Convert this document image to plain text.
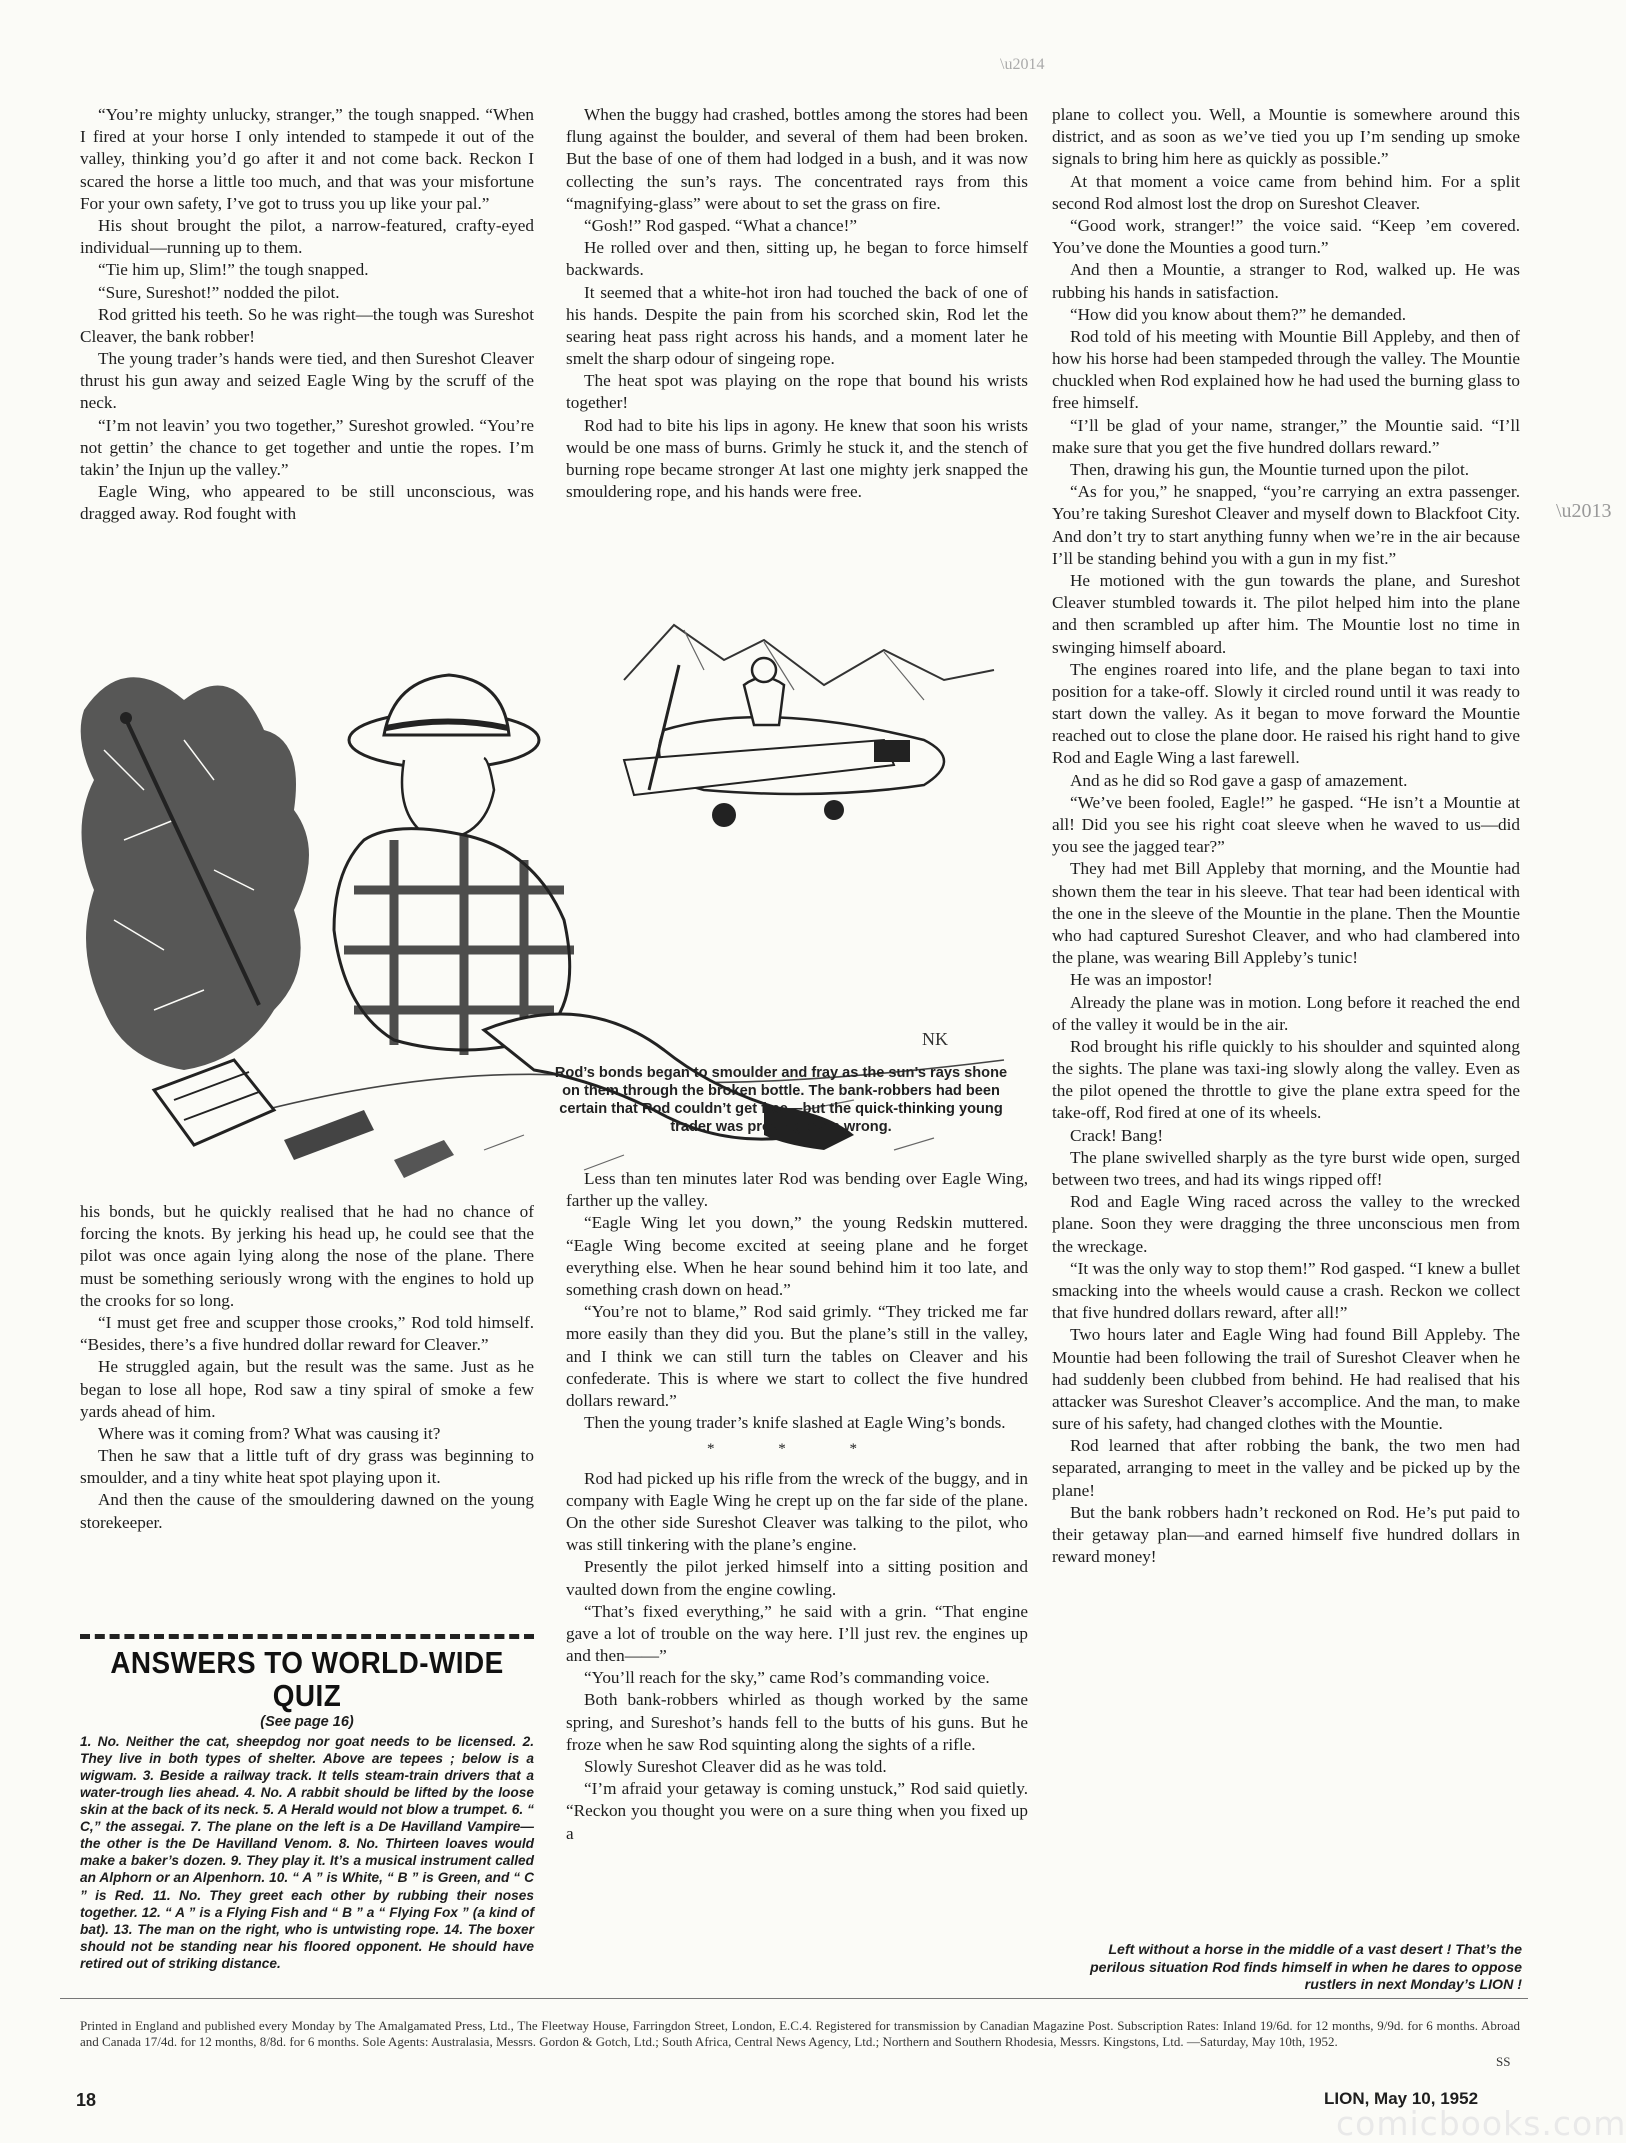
\u2014
\u2013

“You’re mighty unlucky, stranger,” the tough snapped. “When I fired at your horse I only intended to stampede it out of the valley, thinking you’d go after it and not come back. Reckon I scared the horse a little too much, and that was your misfortune For your own safety, I’ve got to truss you up like your pal.”

His shout brought the pilot, a narrow-featured, crafty-eyed individual—running up to them.

“Tie him up, Slim!” the tough snapped.

“Sure, Sureshot!” nodded the pilot.

Rod gritted his teeth. So he was right—the tough was Sureshot Cleaver, the bank robber!

The young trader’s hands were tied, and then Sureshot Cleaver thrust his gun away and seized Eagle Wing by the scruff of the neck.

“I’m not leavin’ you two together,” Sureshot growled. “You’re not gettin’ the chance to get together and untie the ropes. I’m takin’ the Injun up the valley.”

Eagle Wing, who appeared to be still unconscious, was dragged away. Rod fought with

When the buggy had crashed, bottles among the stores had been flung against the boulder, and several of them had been broken. But the base of one of them had lodged in a bush, and it was now collecting the sun’s rays. The concentrated rays from this “magnifying-glass” were about to set the grass on fire.

“Gosh!” Rod gasped. “What a chance!”

He rolled over and then, sitting up, he began to force himself backwards.

It seemed that a white-hot iron had touched the back of one of his hands. Despite the pain from his scorched skin, Rod let the searing heat pass right across his hands, and a moment later he smelt the sharp odour of singeing rope.

The heat spot was playing on the rope that bound his wrists together!

Rod had to bite his lips in agony. He knew that soon his wrists would be one mass of burns. Grimly he stuck it, and the stench of burning rope became stronger At last one mighty jerk snapped the smouldering rope, and his hands were free.

NK
Rod’s bonds began to smoulder and fray as the sun’s rays shone on them through the broken bottle. The bank-robbers had been certain that Rod couldn’t get free—but the quick-thinking young trader was proving them wrong.

his bonds, but he quickly realised that he had no chance of forcing the knots. By jerking his head up, he could see that the pilot was once again lying along the nose of the plane. There must be something seriously wrong with the engines to hold up the crooks for so long.

“I must get free and scupper those crooks,” Rod told himself. “Besides, there’s a five hundred dollar reward for Cleaver.”

He struggled again, but the result was the same. Just as he began to lose all hope, Rod saw a tiny spiral of smoke a few yards ahead of him.

Where was it coming from? What was causing it?

Then he saw that a little tuft of dry grass was beginning to smoulder, and a tiny white heat spot playing upon it.

And then the cause of the smouldering dawned on the young storekeeper.

ANSWERS TO WORLD-WIDE QUIZ
(See page 16)
1. No. Neither the cat, sheepdog nor goat needs to be licensed. 2. They live in both types of shelter. Above are tepees ; below is a wigwam. 3. Beside a railway track. It tells steam-train drivers that a water-trough lies ahead. 4. No. A rabbit should be lifted by the loose skin at the back of its neck. 5. A Herald would not blow a trumpet. 6. “ C,” the assegai. 7. The plane on the left is a De Havilland Vampire—the other is the De Havilland Venom. 8. No. Thirteen loaves would make a baker’s dozen. 9. They play it. It’s a musical instrument called an Alphorn or an Alpenhorn. 10. “ A ” is White, “ B ” is Green, and “ C ” is Red. 11. No. They greet each other by rubbing their noses together. 12. “ A ” is a Flying Fish and “ B ” a “ Flying Fox ” (a kind of bat). 13. The man on the right, who is untwisting rope. 14. The boxer should not be standing near his floored opponent. He should have retired out of striking distance.

Less than ten minutes later Rod was bending over Eagle Wing, farther up the valley.

“Eagle Wing let you down,” the young Redskin muttered. “Eagle Wing become excited at seeing plane and he forget everything else. When he hear sound behind him it too late, and something crash down on head.”

“You’re not to blame,” Rod said grimly. “They tricked me far more easily than they did you. But the plane’s still in the valley, and I think we can still turn the tables on Cleaver and his confederate. This is where we start to collect the five hundred dollars reward.”

Then the young trader’s knife slashed at Eagle Wing’s bonds.

* * *

Rod had picked up his rifle from the wreck of the buggy, and in company with Eagle Wing he crept up on the far side of the plane. On the other side Sureshot Cleaver was talking to the pilot, who was still tinkering with the plane’s engine.

Presently the pilot jerked himself into a sitting position and vaulted down from the engine cowling.

“That’s fixed everything,” he said with a grin. “That engine gave a lot of trouble on the way here. I’ll just rev. the engines up and then——”

“You’ll reach for the sky,” came Rod’s commanding voice.

Both bank-robbers whirled as though worked by the same spring, and Sureshot’s hands fell to the butts of his guns. But he froze when he saw Rod squinting along the sights of a rifle.

Slowly Sureshot Cleaver did as he was told.

“I’m afraid your getaway is coming unstuck,” Rod said quietly. “Reckon you thought you were on a sure thing when you fixed up a

plane to collect you. Well, a Mountie is somewhere around this district, and as soon as we’ve tied you up I’m sending up smoke signals to bring him here as quickly as possible.”

At that moment a voice came from behind him. For a split second Rod almost lost the drop on Sureshot Cleaver.

“Good work, stranger!” the voice said. “Keep ’em covered. You’ve done the Mounties a good turn.”

And then a Mountie, a stranger to Rod, walked up. He was rubbing his hands in satisfaction.

“How did you know about them?” he demanded.

Rod told of his meeting with Mountie Bill Appleby, and then of how his horse had been stampeded through the valley. The Mountie chuckled when Rod explained how he had used the burning glass to free himself.

“I’ll be glad of your name, stranger,” the Mountie said. “I’ll make sure that you get the five hundred dollars reward.”

Then, drawing his gun, the Mountie turned upon the pilot.

“As for you,” he snapped, “you’re carrying an extra passenger. You’re taking Sureshot Cleaver and myself down to Blackfoot City. And don’t try to start anything funny when we’re in the air because I’ll be standing behind you with a gun in my fist.”

He motioned with the gun towards the plane, and Sureshot Cleaver stumbled towards it. The pilot helped him into the plane and then scrambled up after him. The Mountie lost no time in swinging himself aboard.

The engines roared into life, and the plane began to taxi into position for a take-off. Slowly it circled round until it was ready to start down the valley. As it began to move forward the Mountie reached out to close the plane door. He raised his right hand to give Rod and Eagle Wing a last farewell.

And as he did so Rod gave a gasp of amazement.

“We’ve been fooled, Eagle!” he gasped. “He isn’t a Mountie at all! Did you see his right coat sleeve when he waved to us—did you see the jagged tear?”

They had met Bill Appleby that morning, and the Mountie had shown them the tear in his sleeve. That tear had been identical with the one in the sleeve of the Mountie in the plane. Then the Mountie who had captured Sureshot Cleaver, and who had clambered into the plane, was wearing Bill Appleby’s tunic!

He was an impostor!

Already the plane was in motion. Long before it reached the end of the valley it would be in the air.

Rod brought his rifle quickly to his shoulder and squinted along the sights. The plane was taxi-ing slowly along the valley. Even as the pilot opened the throttle to give the plane extra speed for the take-off, Rod fired at one of its wheels.

Crack! Bang!

The plane swivelled sharply as the tyre burst wide open, surged between two trees, and had its wings ripped off!

Rod and Eagle Wing raced across the valley to the wrecked plane. Soon they were dragging the three unconscious men from the wreckage.

“It was the only way to stop them!” Rod gasped. “I knew a bullet smacking into the wheels would cause a crash. Reckon we collect that five hundred dollars reward, after all!”

Two hours later and Eagle Wing had found Bill Appleby. The Mountie had been following the trail of Sureshot Cleaver when he had suddenly been clubbed from behind. He had realised that his attacker was Sureshot Cleaver’s accomplice. And the man, to make sure of his safety, had changed clothes with the Mountie.

Rod learned that after robbing the bank, the two men had separated, arranging to meet in the valley and be picked up by the plane!

But the bank robbers hadn’t reckoned on Rod. He’s put paid to their getaway plan—and earned himself five hundred dollars in reward money!

Left without a horse in the middle of a vast desert ! That’s the perilous situation Rod finds himself in when he dares to oppose rustlers in next Monday’s LION !
Printed in England and published every Monday by The Amalgamated Press, Ltd., The Fleetway House, Farringdon Street, London, E.C.4. Registered for transmission by Canadian Magazine Post. Subscription Rates: Inland 19/6d. for 12 months, 9/9d. for 6 months. Abroad and Canada 17/4d. for 12 months, 8/8d. for 6 months. Sole Agents: Australasia, Messrs. Gordon & Gotch, Ltd.; South Africa, Central News Agency, Ltd.; Northern and Southern Rhodesia, Messrs. Kingstons, Ltd. —Saturday, May 10th, 1952.
SS
18	LION, May 10, 1952
comicbooks.com
